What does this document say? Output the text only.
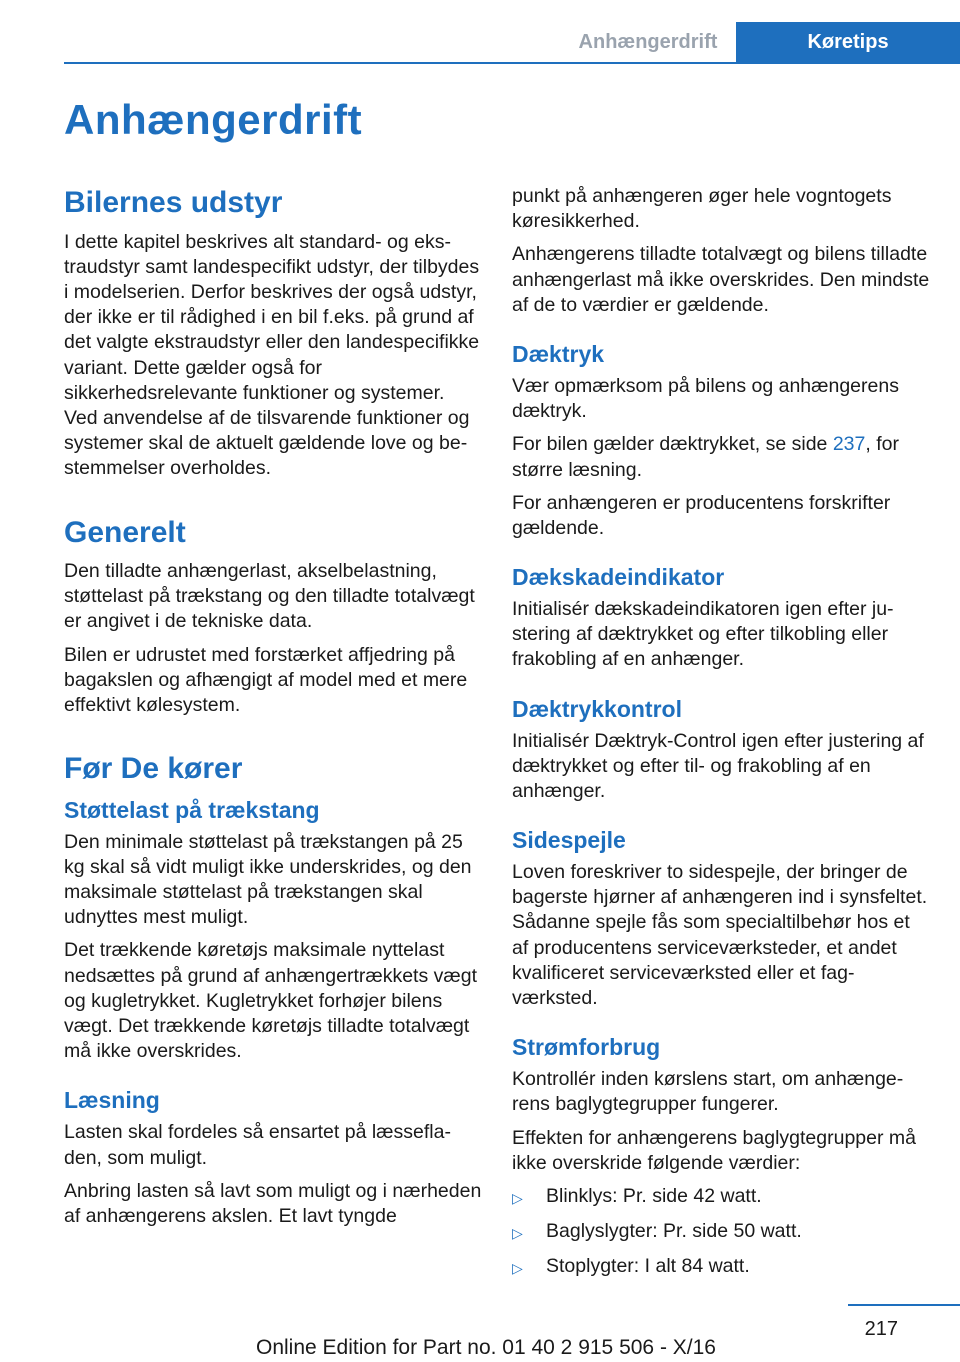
Anhængerdrift	Køretips
Anhængerdrift
Bilernes udstyr

I dette kapitel beskrives alt standard- og ekstraudstyr samt landespecifikt udstyr, der tilbydes i modelserien. Derfor beskrives der også udstyr, der ikke er til rådighed i en bil f.eks. på grund af det valgte ekstraudstyr eller den landespecifikke variant. Dette gælder også for sikkerhedsrelevante funktioner og systemer. Ved anvendelse af de tilsvarende funktioner og systemer skal de aktuelt gældende love og bestemmelser overholdes.

Generelt

Den tilladte anhængerlast, akselbelastning, støttelast på trækstang og den tilladte totalvægt er angivet i de tekniske data.

Bilen er udrustet med forstærket affjedring på bagakslen og afhængigt af model med et mere effektivt kølesystem.

Før De kører
Støttelast på trækstang

Den minimale støttelast på trækstangen på 25 kg skal så vidt muligt ikke underskrides, og den maksimale støttelast på trækstangen skal udnyttes mest muligt.

Det trækkende køretøjs maksimale nyttelast nedsættes på grund af anhængertrækkets vægt og kugletrykket. Kugletrykket forhøjer bilens vægt. Det trækkende køretøjs tilladte totalvægt må ikke overskrides.

Læsning

Lasten skal fordeles så ensartet på læssefladen, som muligt.

Anbring lasten så lavt som muligt og i nærheden af anhængerens akslen. Et lavt tyngde

punkt på anhængeren øger hele vogntogets køresikkerhed.

Anhængerens tilladte totalvægt og bilens tilladte anhængerlast må ikke overskrides. Den mindste af de to værdier er gældende.

Dæktryk

Vær opmærksom på bilens og anhængerens dæktryk.

For bilen gælder dæktrykket, se side 237, for større læsning.

For anhængeren er producentens forskrifter gældende.

Dækskadeindikator

Initialisér dækskadeindikatoren igen efter justering af dæktrykket og efter tilkobling eller frakobling af en anhænger.

Dæktrykkontrol

Initialisér Dæktryk-Control igen efter justering af dæktrykket og efter til- og frakobling af en anhænger.

Sidespejle

Loven foreskriver to sidespejle, der bringer de bagerste hjørner af anhængeren ind i synsfeltet. Sådanne spejle fås som specialtilbehør hos et af producentens serviceværksteder, et andet kvalificeret serviceværksted eller et fagværksted.

Strømforbrug

Kontrollér inden kørslens start, om anhængerens baglygtegrupper fungerer.

Effekten for anhængerens baglygtegrupper må ikke overskride følgende værdier:

▷	Blinklys: Pr. side 42 watt.
▷	Baglyslygter: Pr. side 50 watt.
▷	Stoplygter: I alt 84 watt.
217
Online Edition for Part no. 01 40 2 915 506 - X/16
